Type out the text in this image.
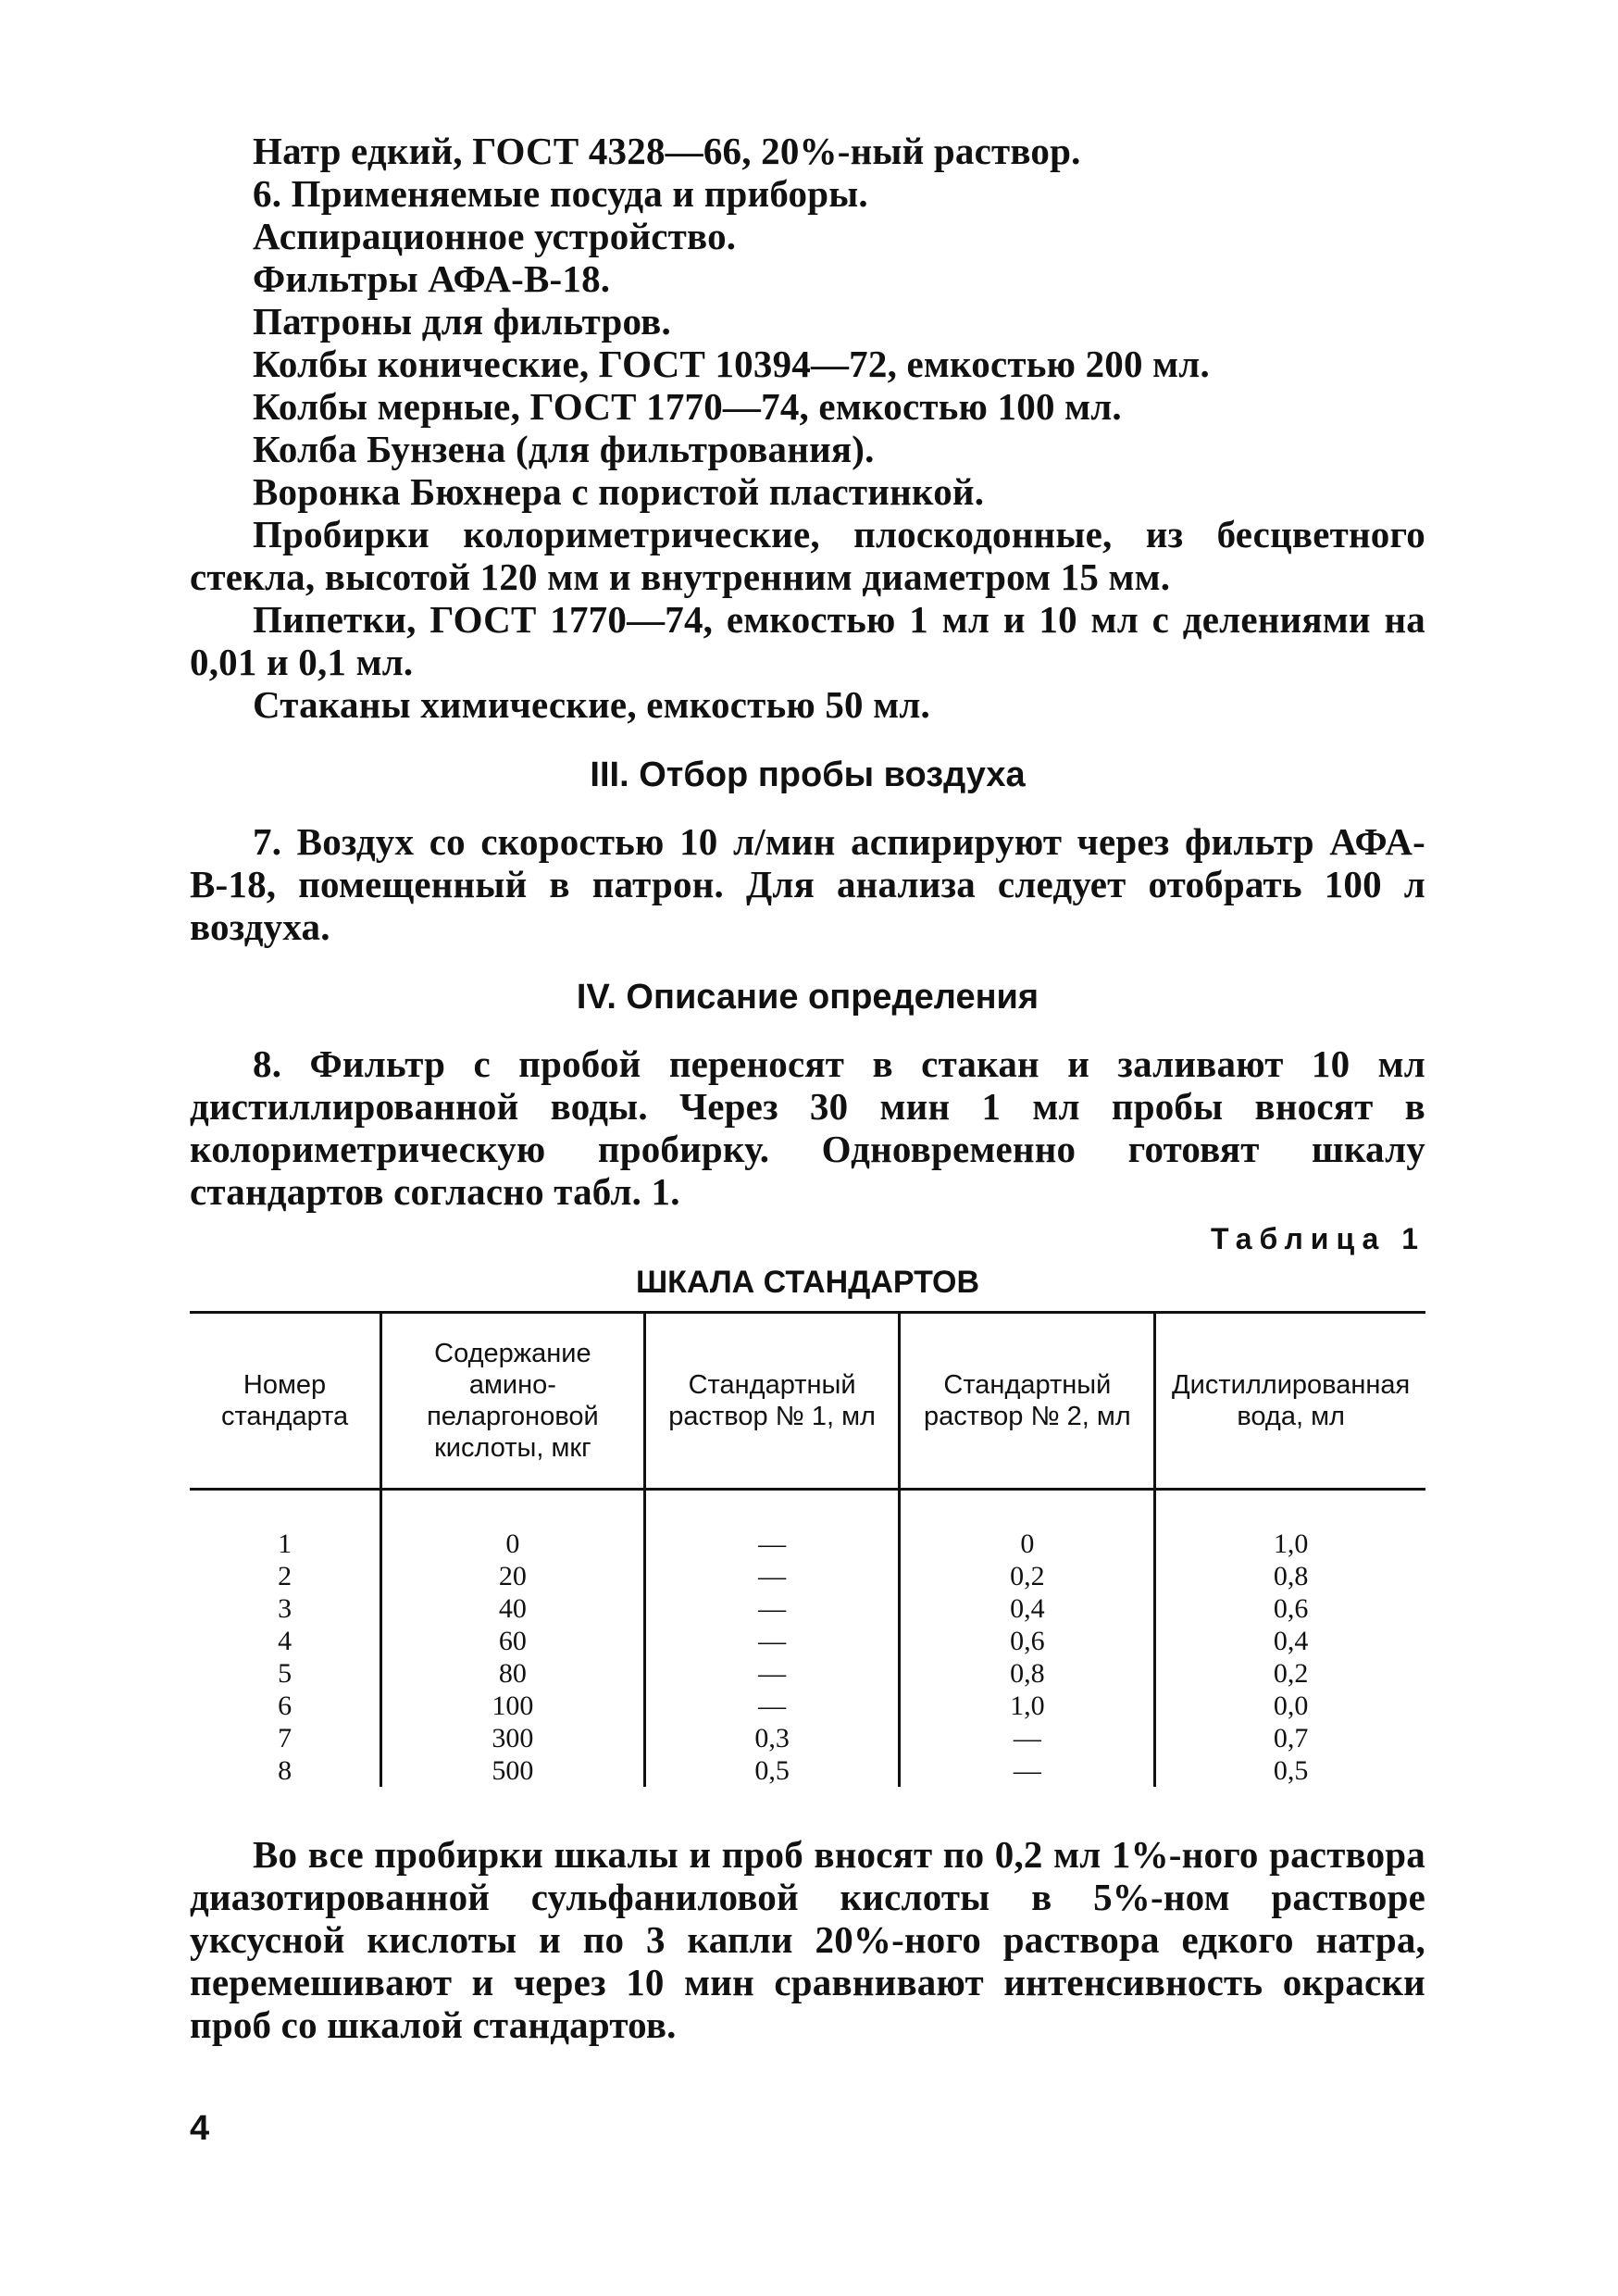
Натр едкий, ГОСТ 4328—66, 20%-ный раствор.

6. Применяемые посуда и приборы.

Аспирационное устройство.

Фильтры АФА-В-18.

Патроны для фильтров.

Колбы конические, ГОСТ 10394—72, емкостью 200 мл.

Колбы мерные, ГОСТ 1770—74, емкостью 100 мл.

Колба Бунзена (для фильтрования).

Воронка Бюхнера с пористой пластинкой.

Пробирки колориметрические, плоскодонные, из бесцветного стекла, высотой 120 мм и внутренним диаметром 15 мм.

Пипетки, ГОСТ 1770—74, емкостью 1 мл и 10 мл с делениями на 0,01 и 0,1 мл.

Стаканы химические, емкостью 50 мл.

III. Отбор пробы воздуха

7. Воздух со скоростью 10 л/мин аспирируют через фильтр АФА-В-18, помещенный в патрон. Для анализа следует отобрать 100 л воздуха.

IV. Описание определения

8. Фильтр с пробой переносят в стакан и заливают 10 мл дистиллированной воды. Через 30 мин 1 мл пробы вносят в колориметрическую пробирку. Одновременно готовят шкалу стандартов согласно табл. 1.

Таблица 1
ШКАЛА СТАНДАРТОВ
Номер стандарта	Содержание амино-пеларгоновой кислоты, мкг	Стандартный раствор № 1, мл	Стандартный раствор № 2, мл	Дистиллированная вода, мл
1	0	—	0	1,0
2	20	—	0,2	0,8
3	40	—	0,4	0,6
4	60	—	0,6	0,4
5	80	—	0,8	0,2
6	100	—	1,0	0,0
7	300	0,3	—	0,7
8	500	0,5	—	0,5

Во все пробирки шкалы и проб вносят по 0,2 мл 1%-ного раствора диазотированной сульфаниловой кислоты в 5%-ном растворе уксусной кислоты и по 3 капли 20%-ного раствора едкого натра, перемешивают и через 10 мин сравнивают интенсивность окраски проб со шкалой стандартов.

4
